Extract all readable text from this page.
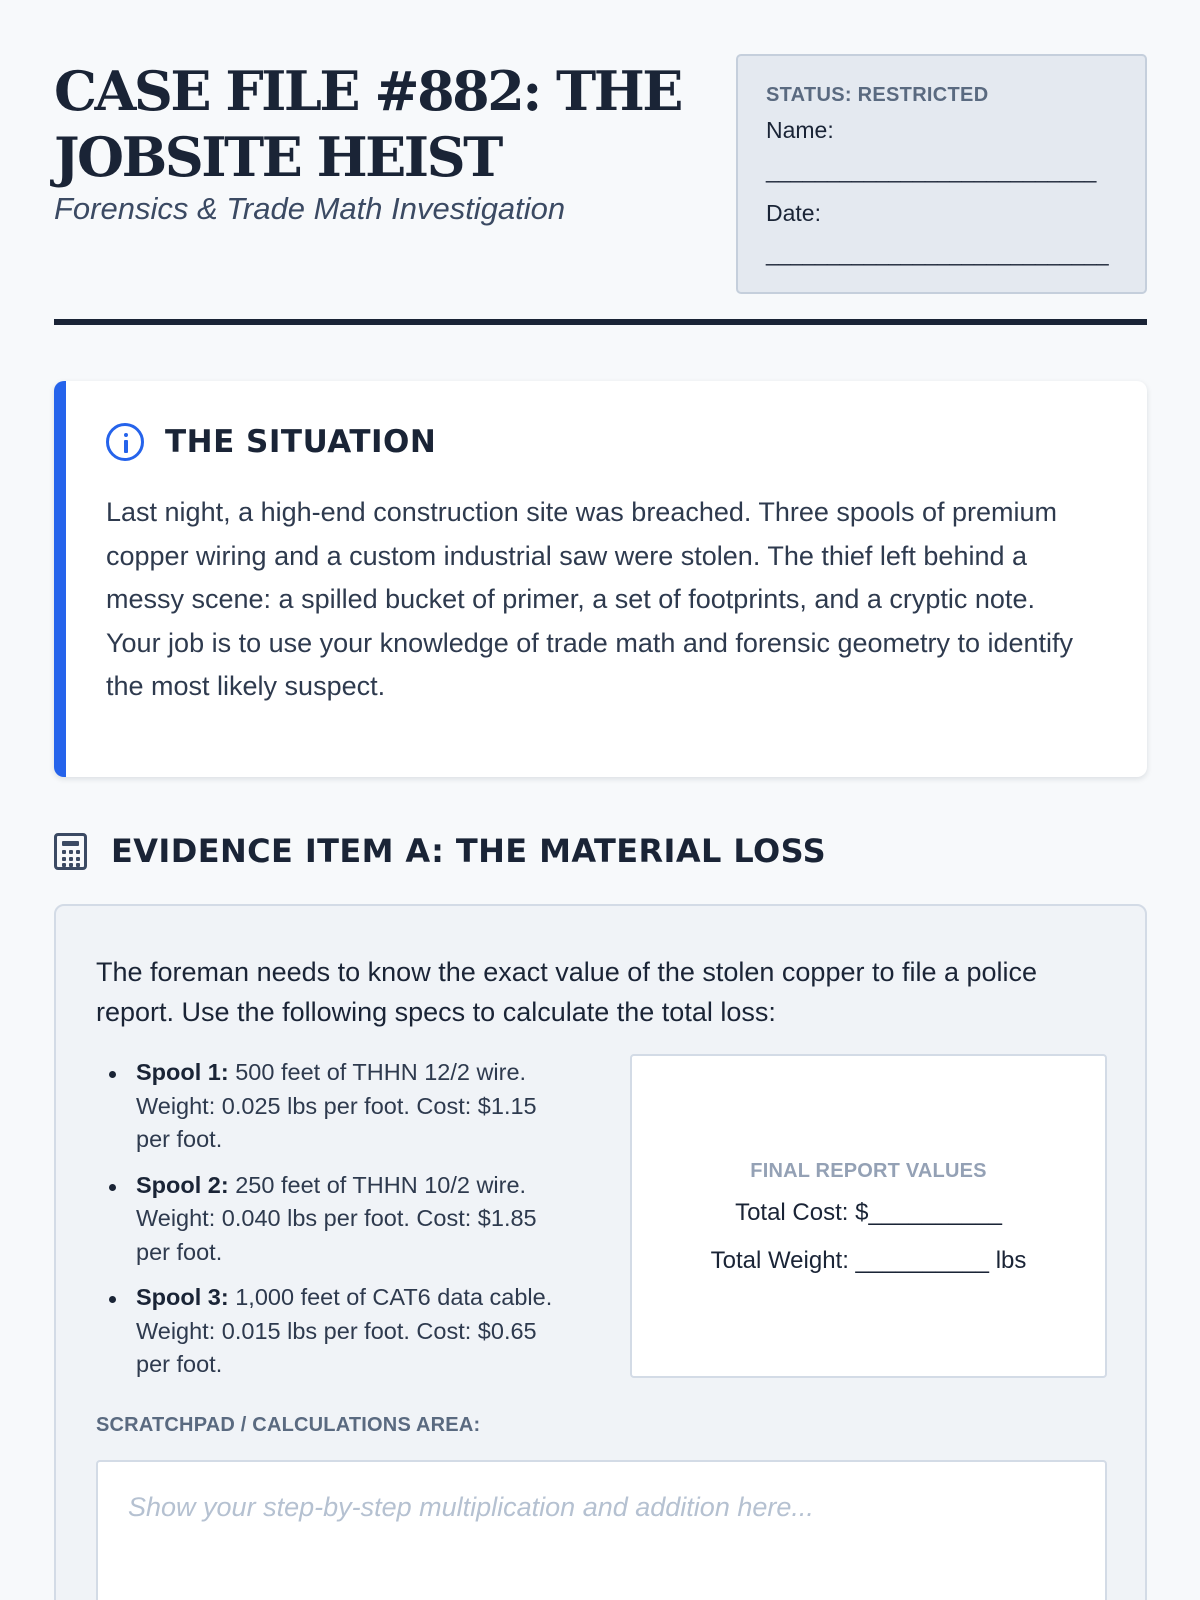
CASE FILE #882: THE JOBSITE HEIST
Forensics & Trade Math Investigation
STATUS: RESTRICTED
Name:
___________________________
Date:
____________________________
THE SITUATION

Last night, a high-end construction site was breached. Three spools of premium copper wiring and a custom industrial saw were stolen. The thief left behind a messy scene: a spilled bucket of primer, a set of footprints, and a cryptic note. Your job is to use your knowledge of trade math and forensic geometry to identify the most likely suspect.

EVIDENCE ITEM A: THE MATERIAL LOSS

The foreman needs to know the exact value of the stolen copper to file a police report. Use the following specs to calculate the total loss:

Spool 1: 500 feet of THHN 12/2 wire. Weight: 0.025 lbs per foot. Cost: $1.15 per foot.
Spool 2: 250 feet of THHN 10/2 wire. Weight: 0.040 lbs per foot. Cost: $1.85 per foot.
Spool 3: 1,000 feet of CAT6 data cable. Weight: 0.015 lbs per foot. Cost: $0.65 per foot.
FINAL REPORT VALUES
Total Cost: $__________
Total Weight: __________ lbs
SCRATCHPAD / CALCULATIONS AREA:
Show your step-by-step multiplication and addition here...
